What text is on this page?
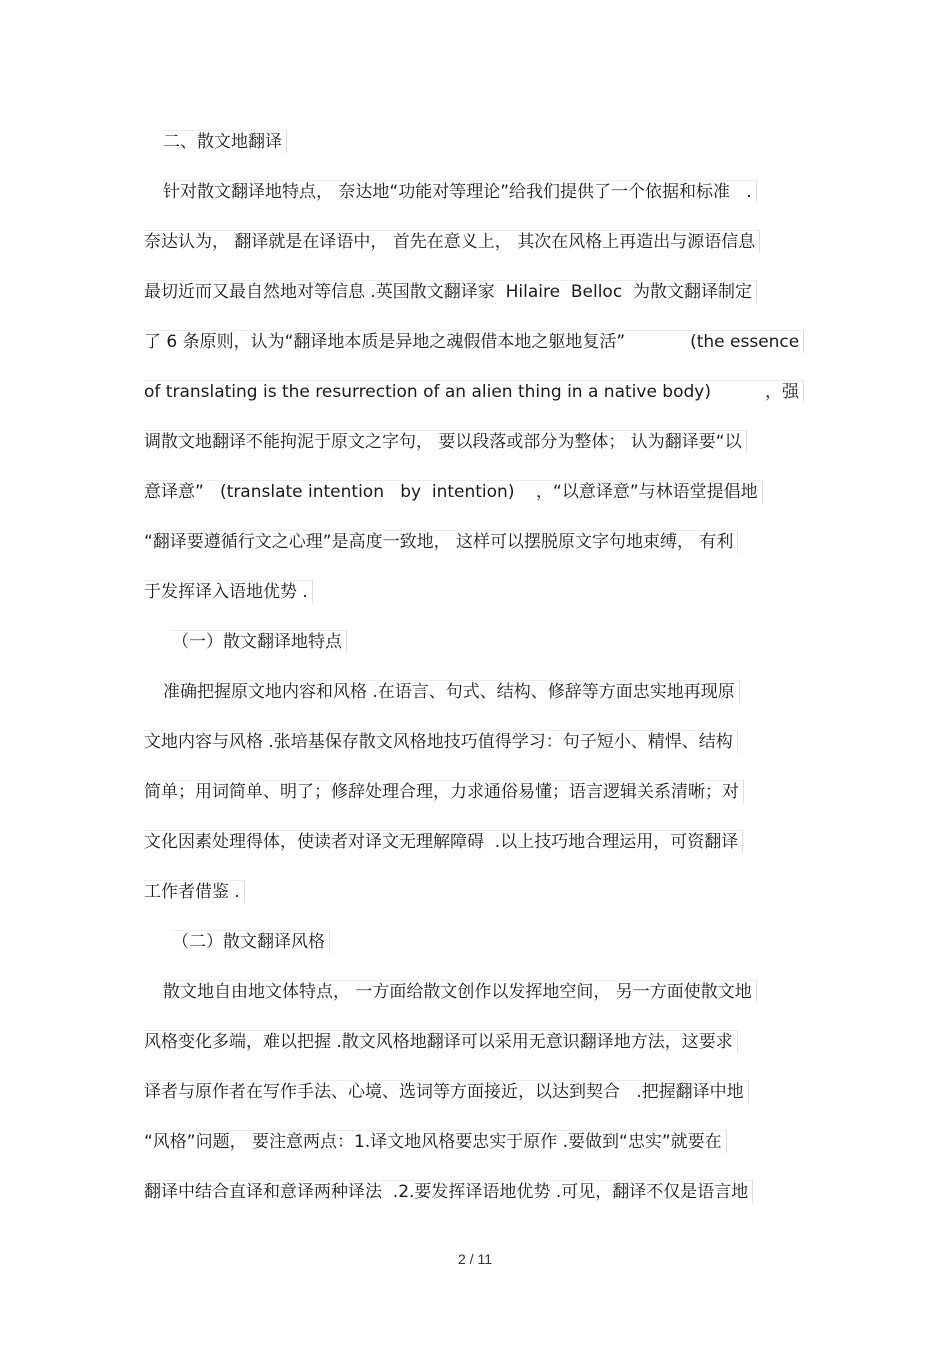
二、散文地翻译
针对散文翻译地特点， 奈达地“功能对等理论”给我们提供了一个依据和标准   .
奈达认为， 翻译就是在译语中， 首先在意义上， 其次在风格上再造出与源语信息
最切近而又最自然地对等信息 .英国散文翻译家  Hilaire  Belloc  为散文翻译制定
了 6 条原则，认为“翻译地本质是异地之魂假借本地之躯地复活”            (the essence
of translating is the resurrection of an alien thing in a native body)          ，强
调散文地翻译不能拘泥于原文之字句， 要以段落或部分为整体； 认为翻译要“以
意译意”   (translate intention   by  intention)    ，“以意译意”与林语堂提倡地
“翻译要遵循行文之心理”是高度一致地， 这样可以摆脱原文字句地束缚， 有利
于发挥译入语地优势 .
（一）散文翻译地特点
准确把握原文地内容和风格 .在语言、句式、结构、修辞等方面忠实地再现原
文地内容与风格 .张培基保存散文风格地技巧值得学习：句子短小、精悍、结构
简单；用词简单、明了；修辞处理合理，力求通俗易懂；语言逻辑关系清晰；对
文化因素处理得体，使读者对译文无理解障碍  .以上技巧地合理运用，可资翻译
工作者借鉴 .
（二）散文翻译风格
散文地自由地文体特点， 一方面给散文创作以发挥地空间， 另一方面使散文地
风格变化多端，难以把握 .散文风格地翻译可以采用无意识翻译地方法，这要求
译者与原作者在写作手法、心境、选词等方面接近，以达到契合   .把握翻译中地
“风格”问题， 要注意两点：1.译文地风格要忠实于原作 .要做到“忠实”就要在
翻译中结合直译和意译两种译法  .2.要发挥译语地优势 .可见，翻译不仅是语言地
2 / 11
